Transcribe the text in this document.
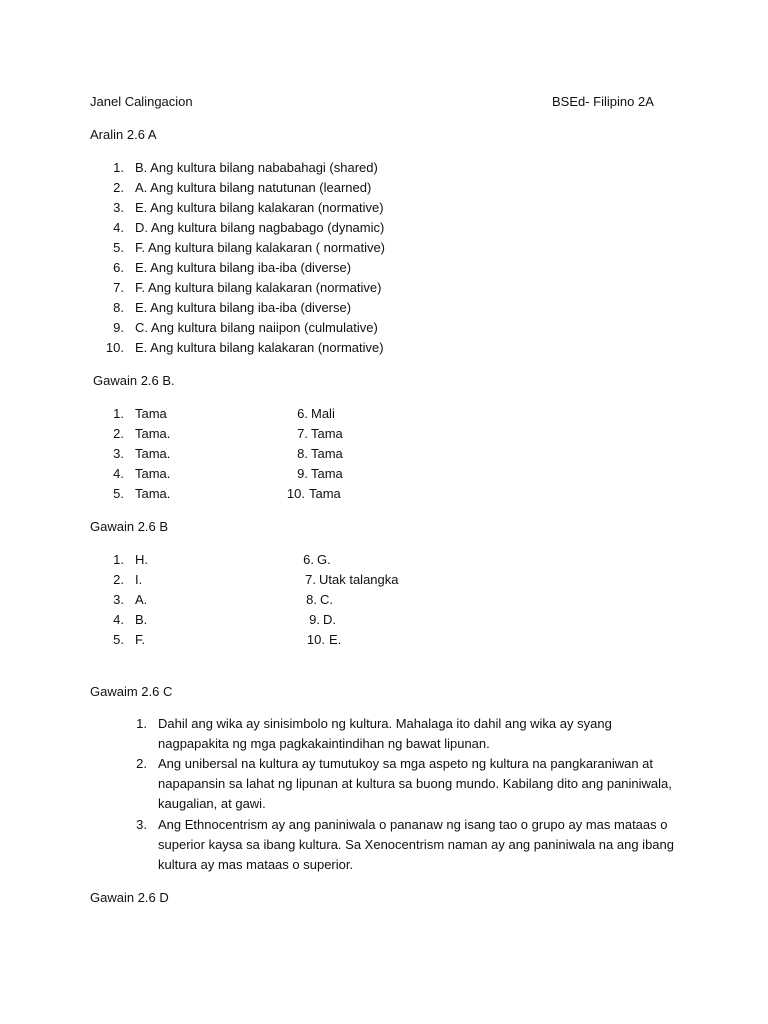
Janel Calingacion	BSEd- Filipino 2A
Aralin 2.6 A
1. B. Ang kultura bilang nababahagi (shared)
2. A. Ang kultura bilang natutunan (learned)
3. E. Ang kultura bilang kalakaran (normative)
4. D. Ang kultura bilang nagbabago (dynamic)
5. F. Ang kultura bilang kalakaran ( normative)
6. E. Ang kultura bilang iba-iba (diverse)
7. F. Ang kultura bilang kalakaran (normative)
8. E. Ang kultura bilang iba-iba (diverse)
9. C. Ang kultura bilang naiipon (culmulative)
10. E. Ang kultura bilang kalakaran (normative)
Gawain 2.6 B.
1. Tama
2. Tama.
3. Tama.
4. Tama.
5. Tama.
6. Mali
7. Tama
8. Tama
9. Tama
10. Tama
Gawain 2.6 B
1. H.
2. I.
3. A.
4. B.
5. F.
6. G.
7. Utak talangka
8. C.
9. D.
10. E.
Gawaim 2.6 C
1. Dahil ang wika ay sinisimbolo ng kultura. Mahalaga ito dahil ang wika ay syang nagpapakita ng mga pagkakaintindihan ng bawat lipunan.
2. Ang unibersal na kultura ay tumutukoy sa mga aspeto ng kultura na pangkaraniwan at napapansin sa lahat ng lipunan at kultura sa buong mundo. Kabilang dito ang paniniwala, kaugalian, at gawi.
3. Ang Ethnocentrism ay ang paniniwala o pananaw ng isang tao o grupo ay mas mataas o superior kaysa sa ibang kultura. Sa Xenocentrism naman ay ang paniniwala na ang ibang kultura ay mas mataas o superior.
Gawain 2.6 D
